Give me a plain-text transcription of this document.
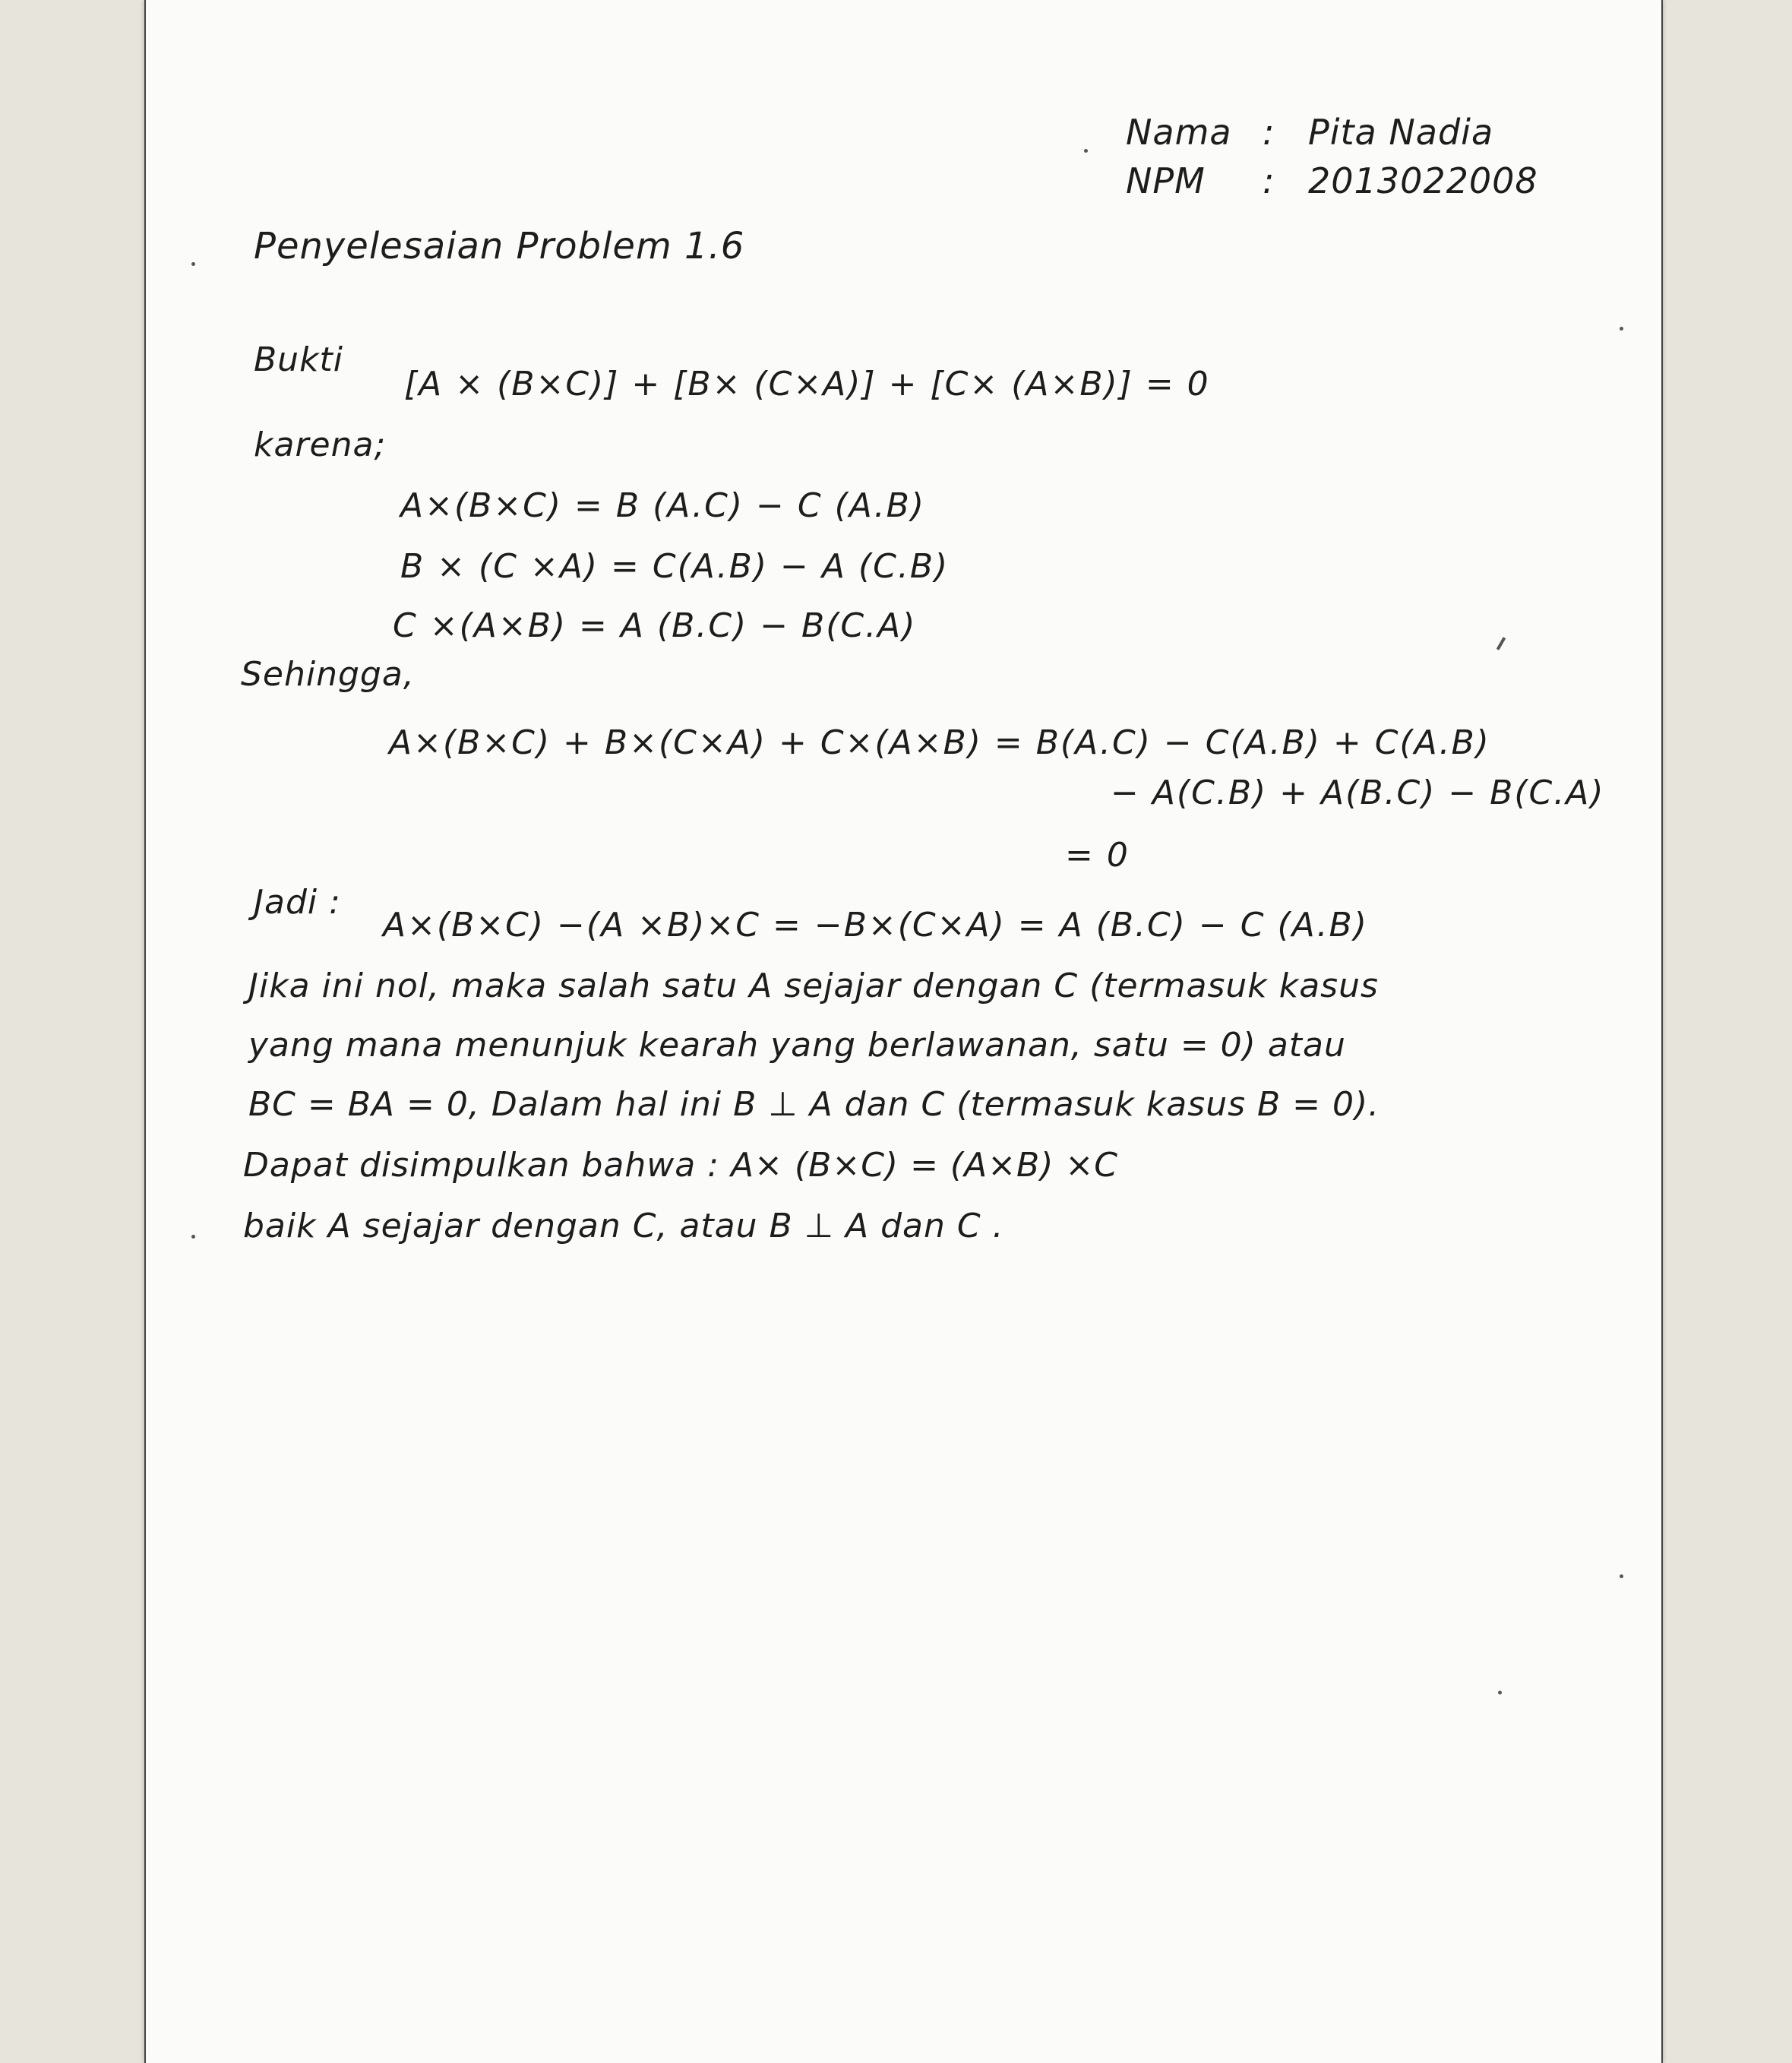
Nama : Pita Nadia
NPM : 2013022008
Penyelesaian Problem 1.6
Bukti
[A × (B×C)] + [B× (C×A)] + [C× (A×B)] = 0
karena;
A×(B×C) = B (A.C) − C (A.B)
B × (C ×A) = C(A.B) − A (C.B)
C ×(A×B) = A (B.C) − B(C.A)
Sehingga,
A×(B×C) + B×(C×A) + C×(A×B) = B(A.C) − C(A.B) + C(A.B)
− A(C.B) + A(B.C) − B(C.A)
= 0
Jadi :
A×(B×C) −(A ×B)×C = −B×(C×A) = A (B.C) − C (A.B)
Jika ini nol, maka salah satu A sejajar dengan C (termasuk kasus
yang mana menunjuk kearah yang berlawanan, satu = 0) atau
BC = BA = 0, Dalam hal ini B ⊥ A dan C (termasuk kasus B = 0).
Dapat disimpulkan bahwa : A× (B×C) = (A×B) ×C
baik A sejajar dengan C, atau B ⊥ A dan C .
